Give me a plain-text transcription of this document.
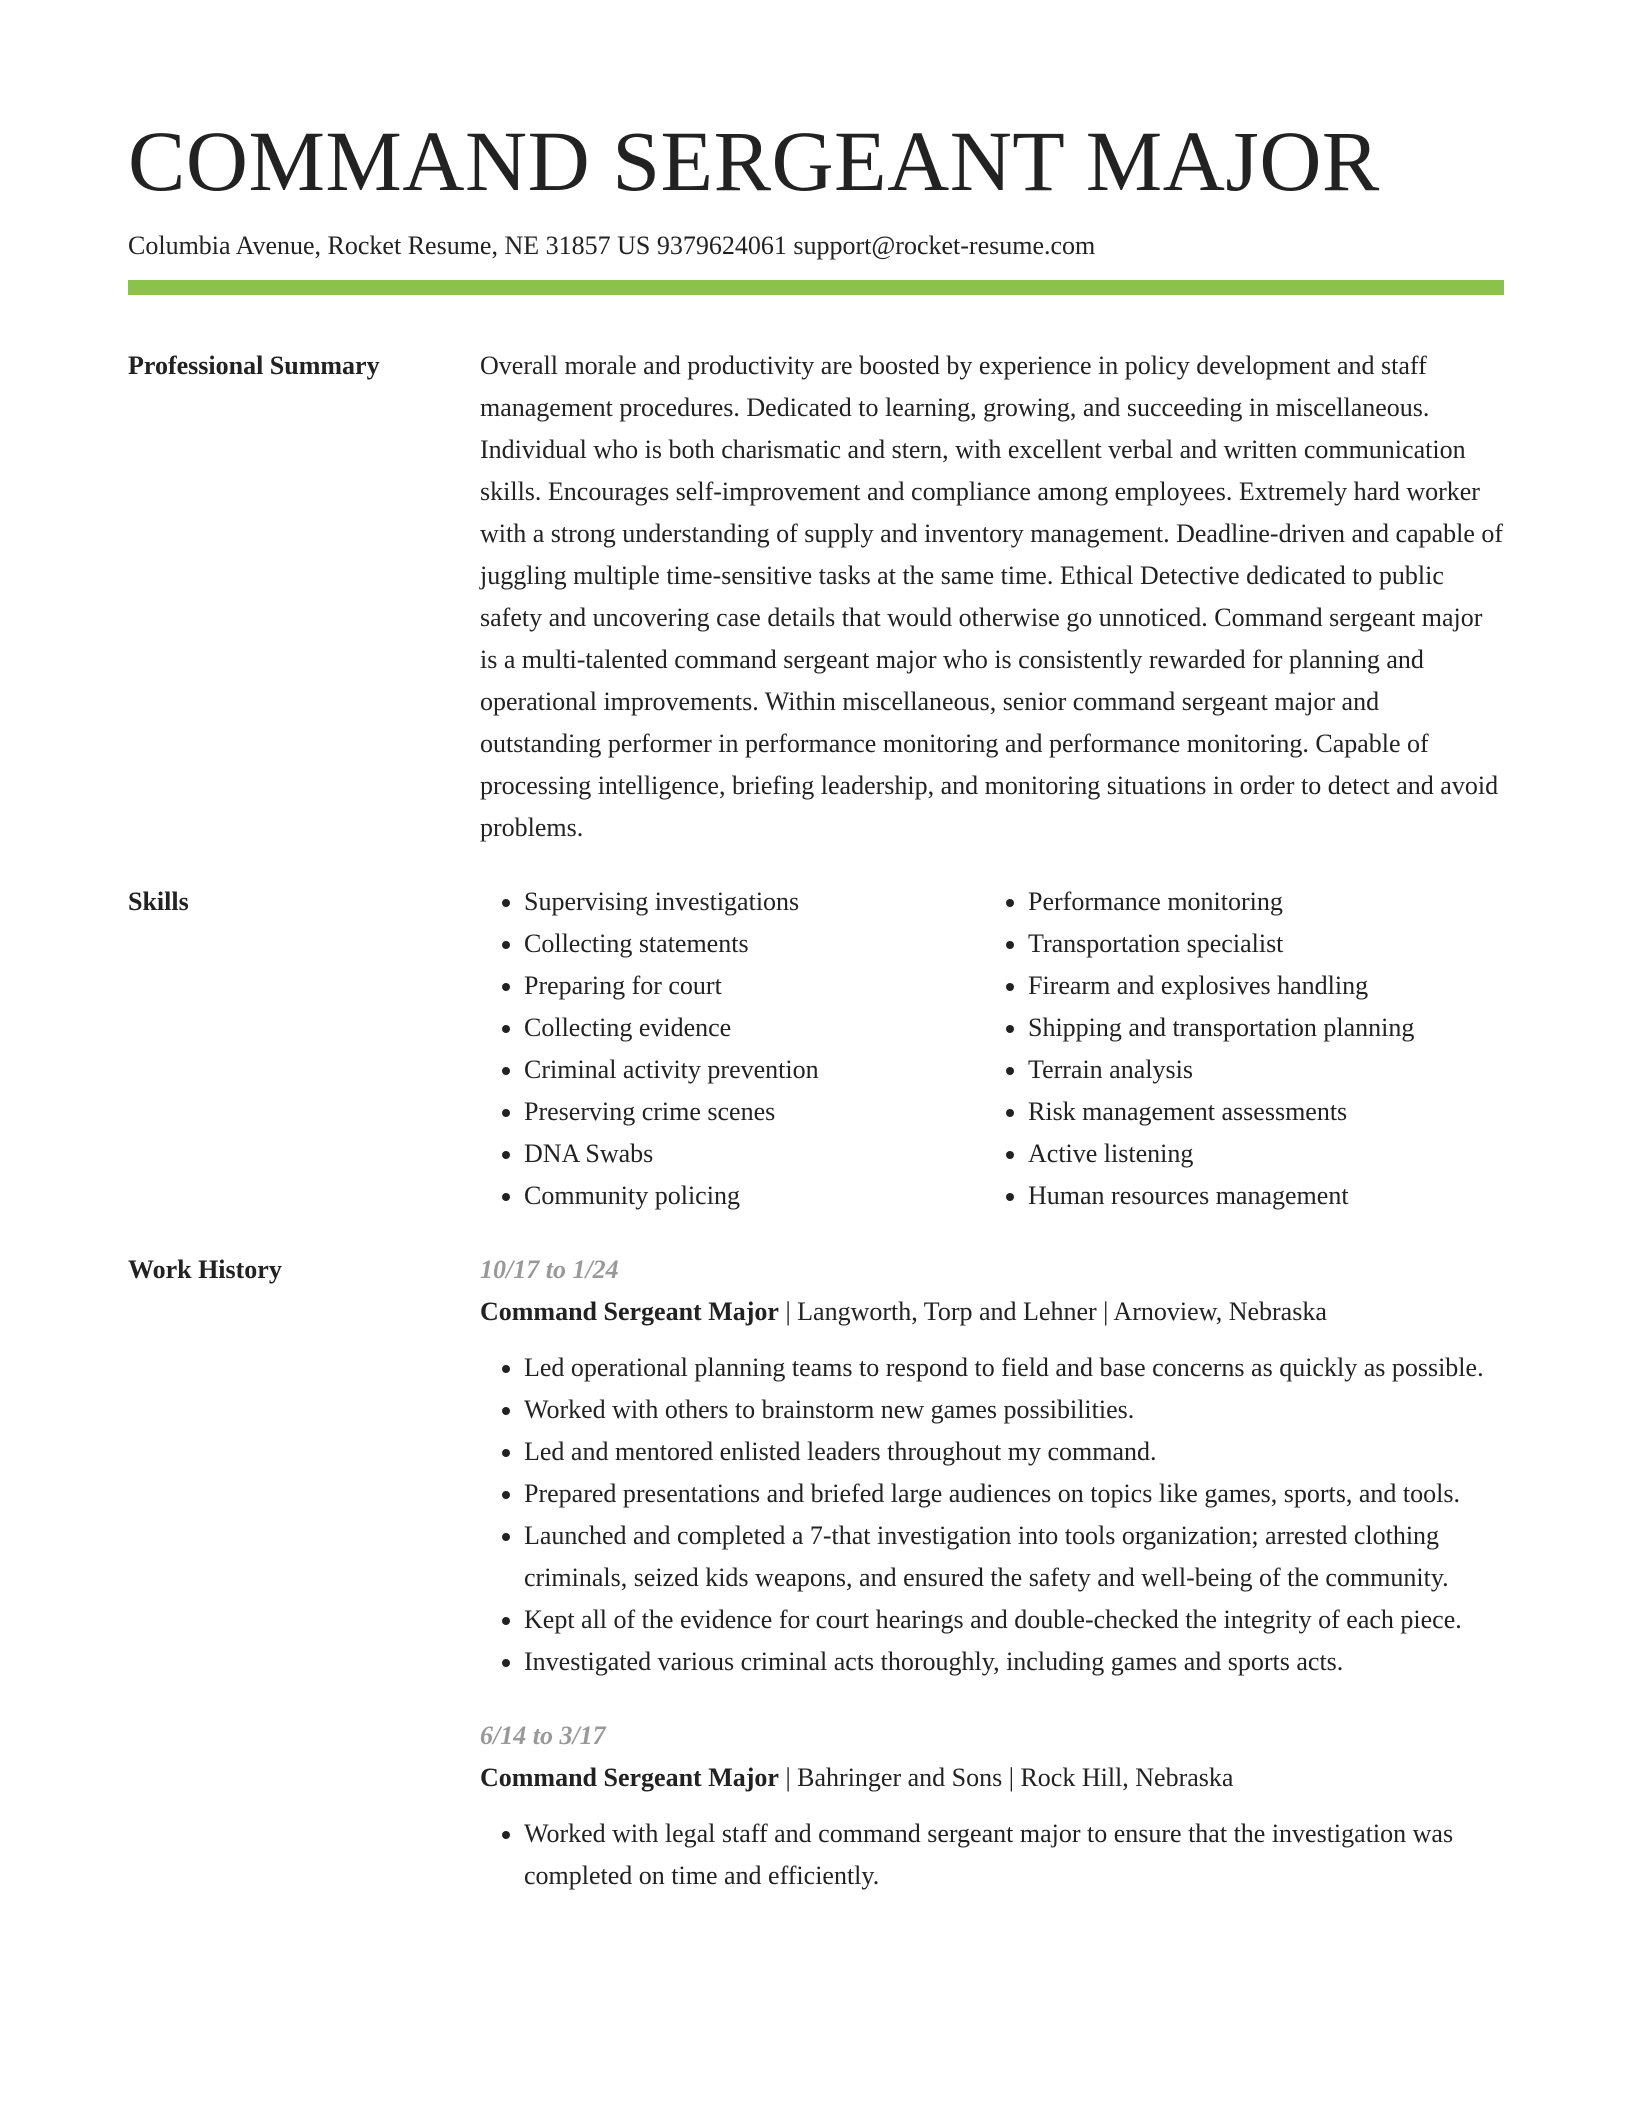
COMMAND SERGEANT MAJOR
Columbia Avenue, Rocket Resume, NE 31857 US 9379624061 support@rocket-resume.com
Professional Summary	Overall morale and productivity are boosted by experience in policy development and staff management procedures. Dedicated to learning, growing, and succeeding in miscellaneous. Individual who is both charismatic and stern, with excellent verbal and written communication skills. Encourages self-improvement and compliance among employees. Extremely hard worker with a strong understanding of supply and inventory management. Deadline-driven and capable of juggling multiple time-sensitive tasks at the same time. Ethical Detective dedicated to public safety and uncovering case details that would otherwise go unnoticed. Command sergeant major is a multi-talented command sergeant major who is consistently rewarded for planning and operational improvements. Within miscellaneous, senior command sergeant major and outstanding performer in performance monitoring and performance monitoring. Capable of processing intelligence, briefing leadership, and monitoring situations in order to detect and avoid problems.
Skills
•	Supervising investigations
• Collecting statements
• Preparing for court
• Collecting evidence
• Criminal activity prevention
• Preserving crime scenes
• DNA Swabs
• Community policing
• Performance monitoring
• Transportation specialist
• Firearm and explosives handling
• Shipping and transportation planning
• Terrain analysis
• Risk management assessments
• Active listening
• Human resources management
Work History	10/17 to 1/24
Command Sergeant Major | Langworth, Torp and Lehner | Arnoview, Nebraska
• Led operational planning teams to respond to field and base concerns as quickly as possible.
• Worked with others to brainstorm new games possibilities.
• Led and mentored enlisted leaders throughout my command.
• Prepared presentations and briefed large audiences on topics like games, sports, and tools.
• Launched and completed a 7-that investigation into tools organization; arrested clothing criminals, seized kids weapons, and ensured the safety and well-being of the community.
• Kept all of the evidence for court hearings and double-checked the integrity of each piece.
• Investigated various criminal acts thoroughly, including games and sports acts.
6/14 to 3/17
Command Sergeant Major | Bahringer and Sons | Rock Hill, Nebraska
• Worked with legal staff and command sergeant major to ensure that the investigation was completed on time and efficiently.
